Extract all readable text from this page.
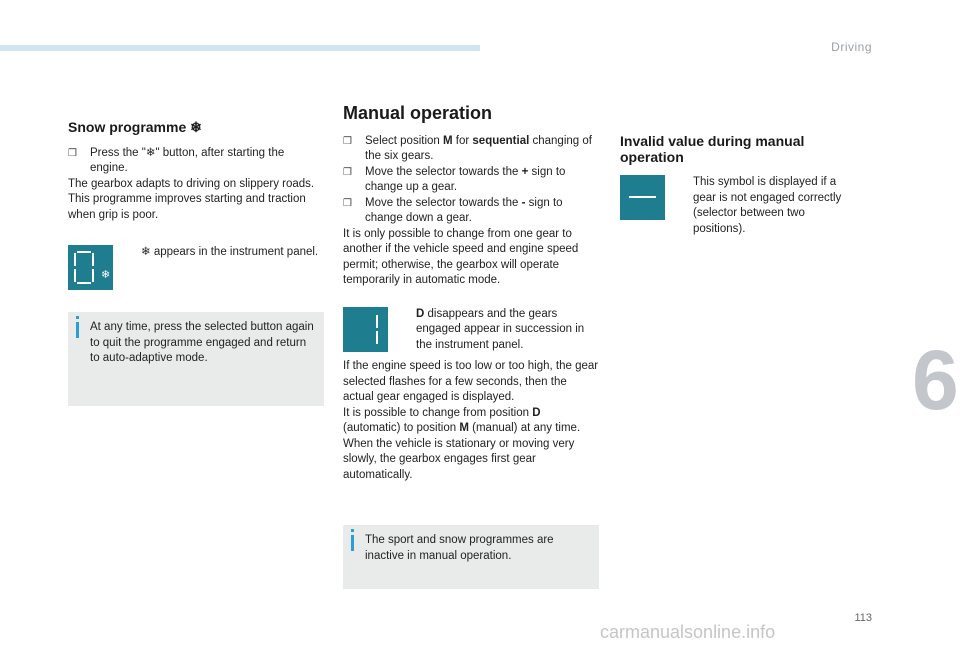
Driving
6
Snow programme ❄
❒	Press the "❄" button, after starting the engine.

The gearbox adapts to driving on slippery roads.

This programme improves starting and traction when grip is poor.

❄
❄ appears in the instrument panel.
At any time, press the selected button again to quit the programme engaged and return to auto-adaptive mode.
Manual operation
❒	Select position M for sequential changing of the six gears.
❒	Move the selector towards the + sign to change up a gear.
❒	Move the selector towards the - sign to change down a gear.

It is only possible to change from one gear to another if the vehicle speed and engine speed permit; otherwise, the gearbox will operate temporarily in automatic mode.

D disappears and the gears engaged appear in succession in the instrument panel.

If the engine speed is too low or too high, the gear selected flashes for a few seconds, then the actual gear engaged is displayed.

It is possible to change from position D (automatic) to position M (manual) at any time.

When the vehicle is stationary or moving very slowly, the gearbox engages first gear automatically.

The sport and snow programmes are inactive in manual operation.
Invalid value during manual operation
This symbol is displayed if a gear is not engaged correctly (selector between two positions).
113
carmanualsonline.info
